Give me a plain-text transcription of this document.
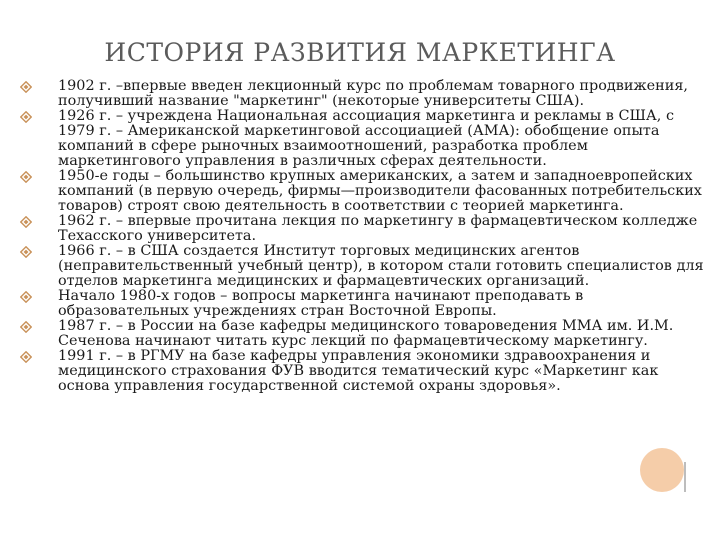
ИСТОРИЯ РАЗВИТИЯ МАРКЕТИНГА
1902 г. –впервые введен лекционный курс по проблемам товарного продвижения, получивший название "маркетинг" (некоторые университеты США).
1926 г. – учреждена Национальная ассоциация маркетинга и рекламы в США, с 1979 г. – Американской маркетинговой ассоциацией (АМА): обобщение опыта компаний в сфере рыночных взаимоотношений, разработка проблем маркетингового управления в различных сферах деятельности.
1950-е годы – большинство крупных американских, а затем и западноевропейских компаний (в первую очередь, фирмы—производители фасованных потребительских товаров) строят свою деятельность в соответствии с теорией маркетинга.
1962 г. – впервые прочитана лекция по маркетингу в фармацевтическом колледже Техасского университета.
1966 г. – в США создается Институт торговых медицинских агентов (неправительственный учебный центр), в котором стали готовить специалистов для отделов маркетинга медицинских и фармацевтических организаций.
Начало 1980-х годов – вопросы маркетинга начинают преподавать в образовательных учреждениях стран Восточной Европы.
1987 г. – в России на базе кафедры медицинского товароведения ММА им. И.М. Сеченова начинают читать курс лекций по фармацевтическому маркетингу.
1991 г. – в РГМУ на базе кафедры управления экономики здравоохранения и медицинского страхования ФУВ вводится тематический курс «Маркетинг как основа управления государственной системой охраны здоровья».
